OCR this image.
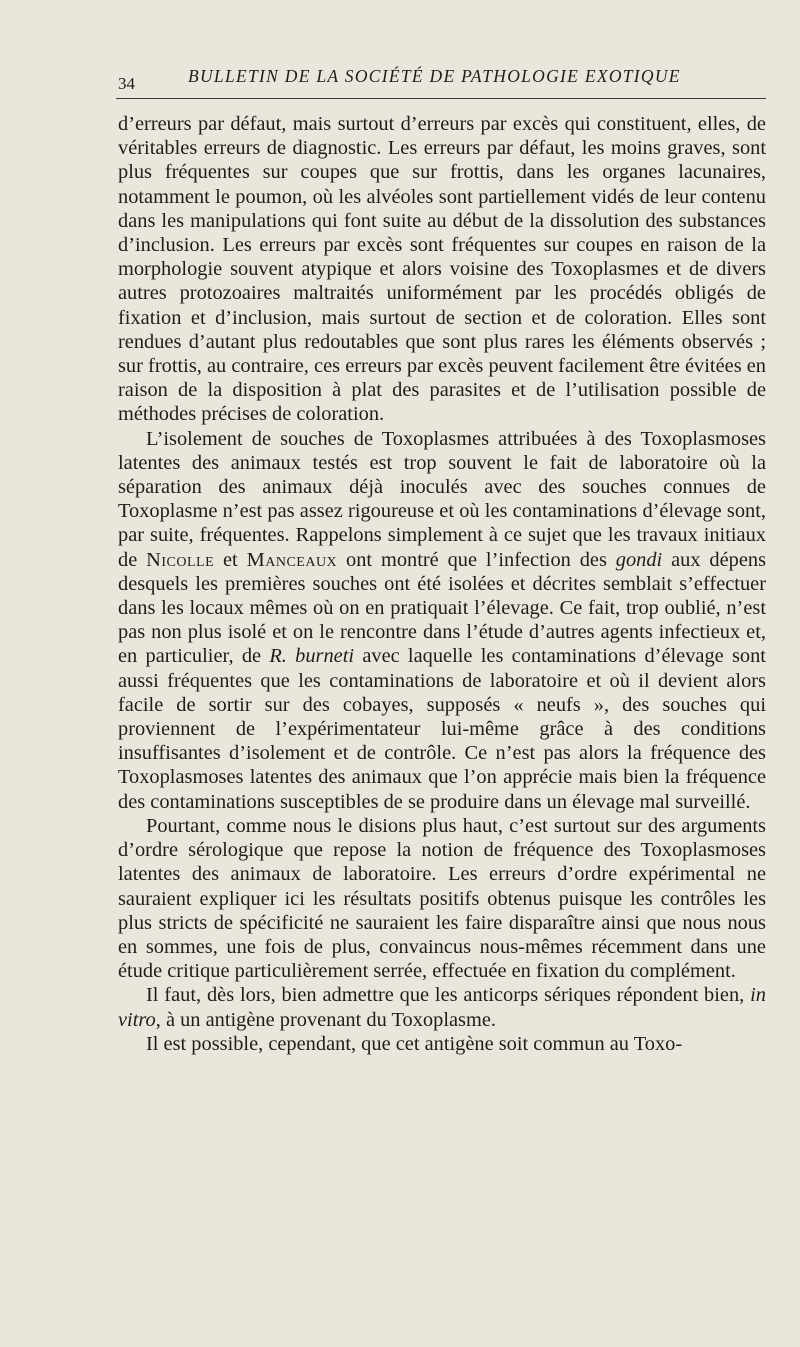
34	BULLETIN DE LA SOCIÉTÉ DE PATHOLOGIE EXOTIQUE

d’erreurs par défaut, mais surtout d’erreurs par excès qui constituent, elles, de véritables erreurs de diagnostic. Les erreurs par défaut, les moins graves, sont plus fréquentes sur coupes que sur frottis, dans les organes lacunaires, notamment le poumon, où les alvéoles sont partiellement vidés de leur contenu dans les manipulations qui font suite au début de la dissolution des substances d’inclusion. Les erreurs par excès sont fréquentes sur coupes en raison de la morphologie souvent atypique et alors voisine des Toxoplasmes et de divers autres protozoaires maltraités uniformément par les procédés obligés de fixation et d’inclusion, mais surtout de section et de coloration. Elles sont rendues d’autant plus redoutables que sont plus rares les éléments observés ; sur frottis, au contraire, ces erreurs par excès peuvent facilement être évitées en raison de la disposition à plat des parasites et de l’utilisation possible de méthodes précises de coloration.

L’isolement de souches de Toxoplasmes attribuées à des Toxoplasmoses latentes des animaux testés est trop souvent le fait de laboratoire où la séparation des animaux déjà inoculés avec des souches connues de Toxoplasme n’est pas assez rigoureuse et où les contaminations d’élevage sont, par suite, fréquentes. Rappelons simplement à ce sujet que les travaux initiaux de Nicolle et Manceaux ont montré que l’infection des gondi aux dépens desquels les premières souches ont été isolées et décrites semblait s’effectuer dans les locaux mêmes où on en pratiquait l’élevage. Ce fait, trop oublié, n’est pas non plus isolé et on le rencontre dans l’étude d’autres agents infectieux et, en particulier, de R. burneti avec laquelle les contaminations d’élevage sont aussi fréquentes que les contaminations de laboratoire et où il devient alors facile de sortir sur des cobayes, supposés « neufs », des souches qui proviennent de l’expérimentateur lui-même grâce à des conditions insuffisantes d’isolement et de contrôle. Ce n’est pas alors la fréquence des Toxoplasmoses latentes des animaux que l’on apprécie mais bien la fréquence des contaminations susceptibles de se produire dans un élevage mal surveillé.

Pourtant, comme nous le disions plus haut, c’est surtout sur des arguments d’ordre sérologique que repose la notion de fréquence des Toxoplasmoses latentes des animaux de laboratoire. Les erreurs d’ordre expérimental ne sauraient expliquer ici les résultats positifs obtenus puisque les contrôles les plus stricts de spécificité ne sauraient les faire disparaître ainsi que nous nous en sommes, une fois de plus, convaincus nous-mêmes récemment dans une étude critique particulièrement serrée, effectuée en fixation du complément.

Il faut, dès lors, bien admettre que les anticorps sériques répondent bien, in vitro, à un antigène provenant du Toxoplasme.

Il est possible, cependant, que cet antigène soit commun au Toxo-
